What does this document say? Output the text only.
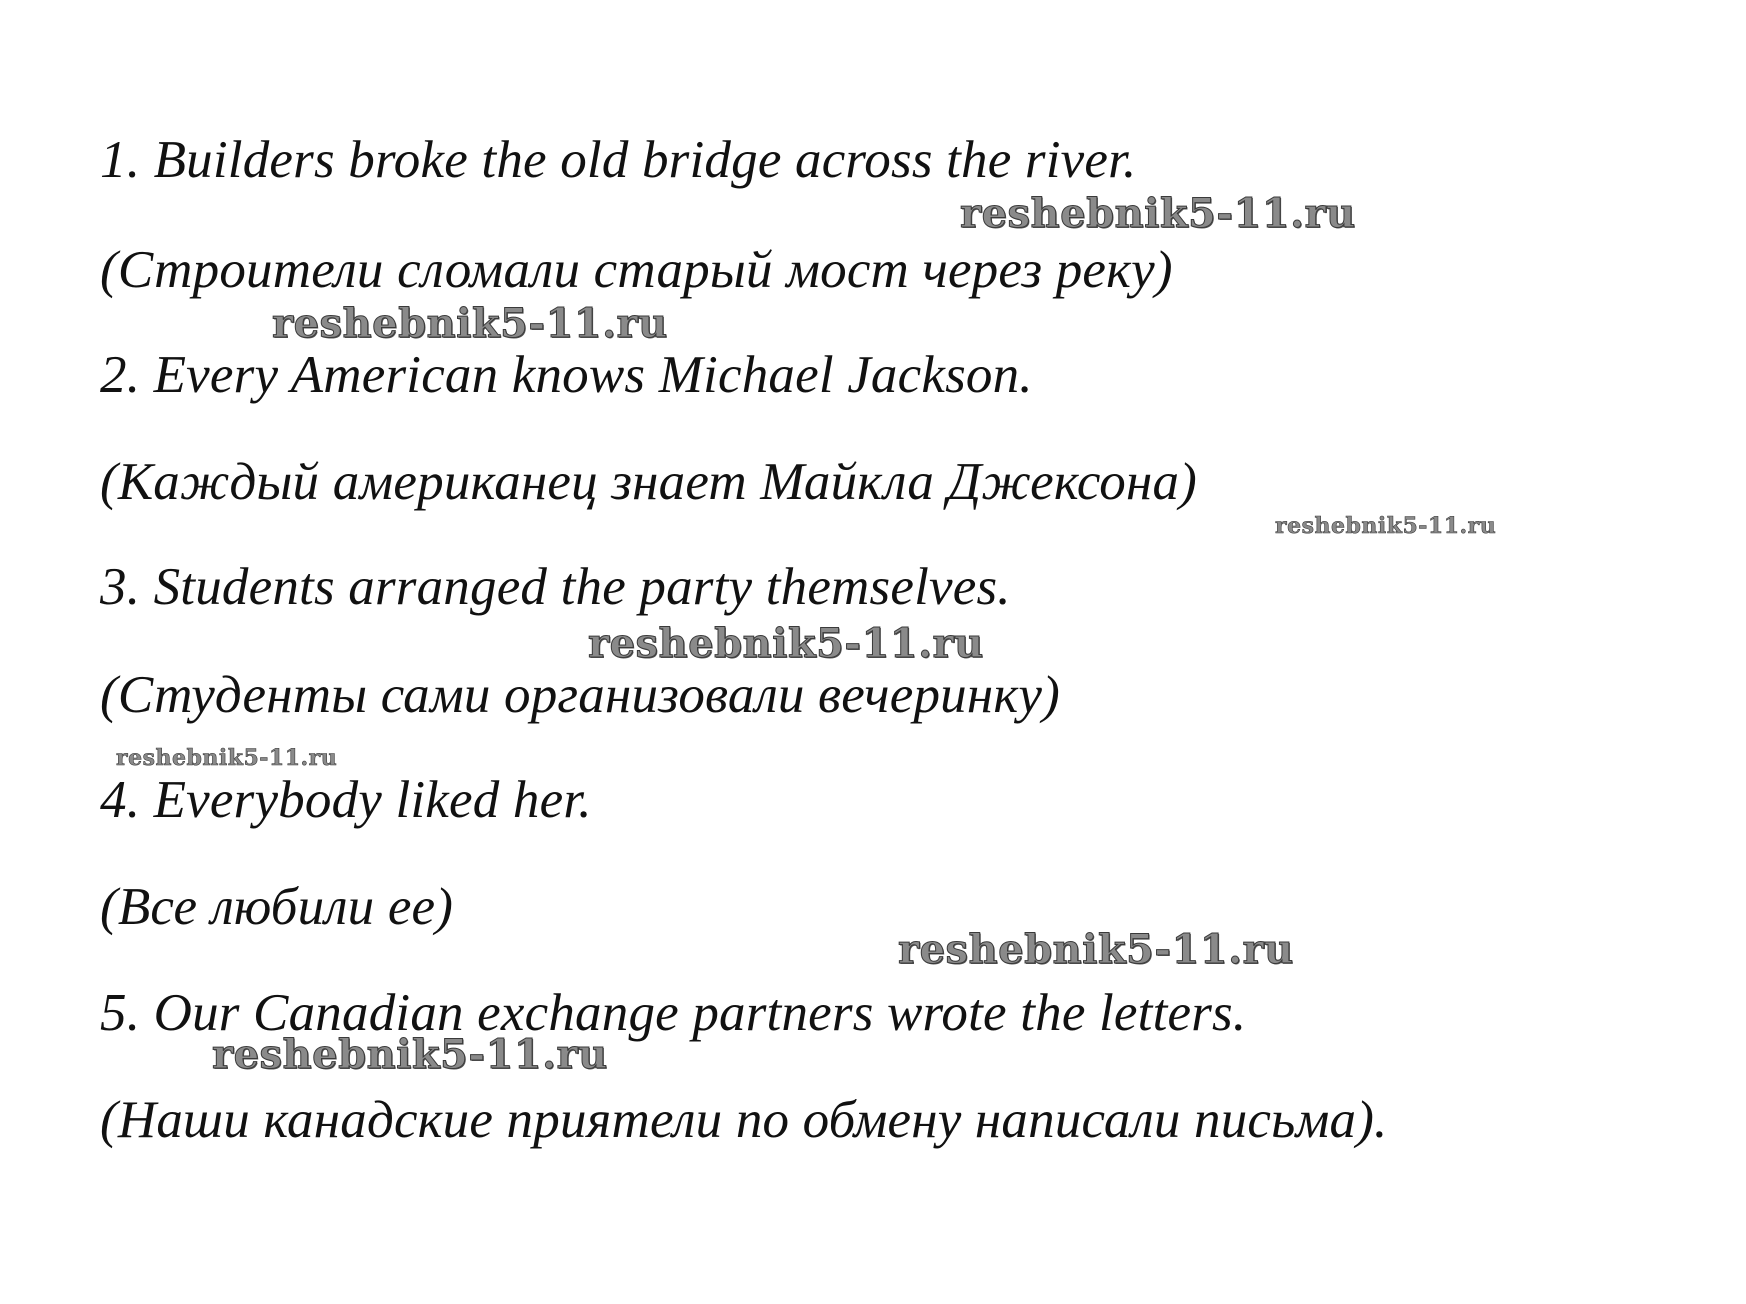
1. Builders broke the old bridge across the river.

(Строители сломали старый мост через реку)

2. Every American knows Michael Jackson.

(Каждый американец знает Майкла Джексона)

3. Students arranged the party themselves.

(Студенты сами организовали вечеринку)

4. Everybody liked her.

(Все любили ее)

5. Our Canadian exchange partners wrote the letters.

(Наши канадские приятели по обмену написали письма).

reshebnik5-11.ru
reshebnik5-11.ru
reshebnik5-11.ru
reshebnik5-11.ru
reshebnik5-11.ru
reshebnik5-11.ru
reshebnik5-11.ru
